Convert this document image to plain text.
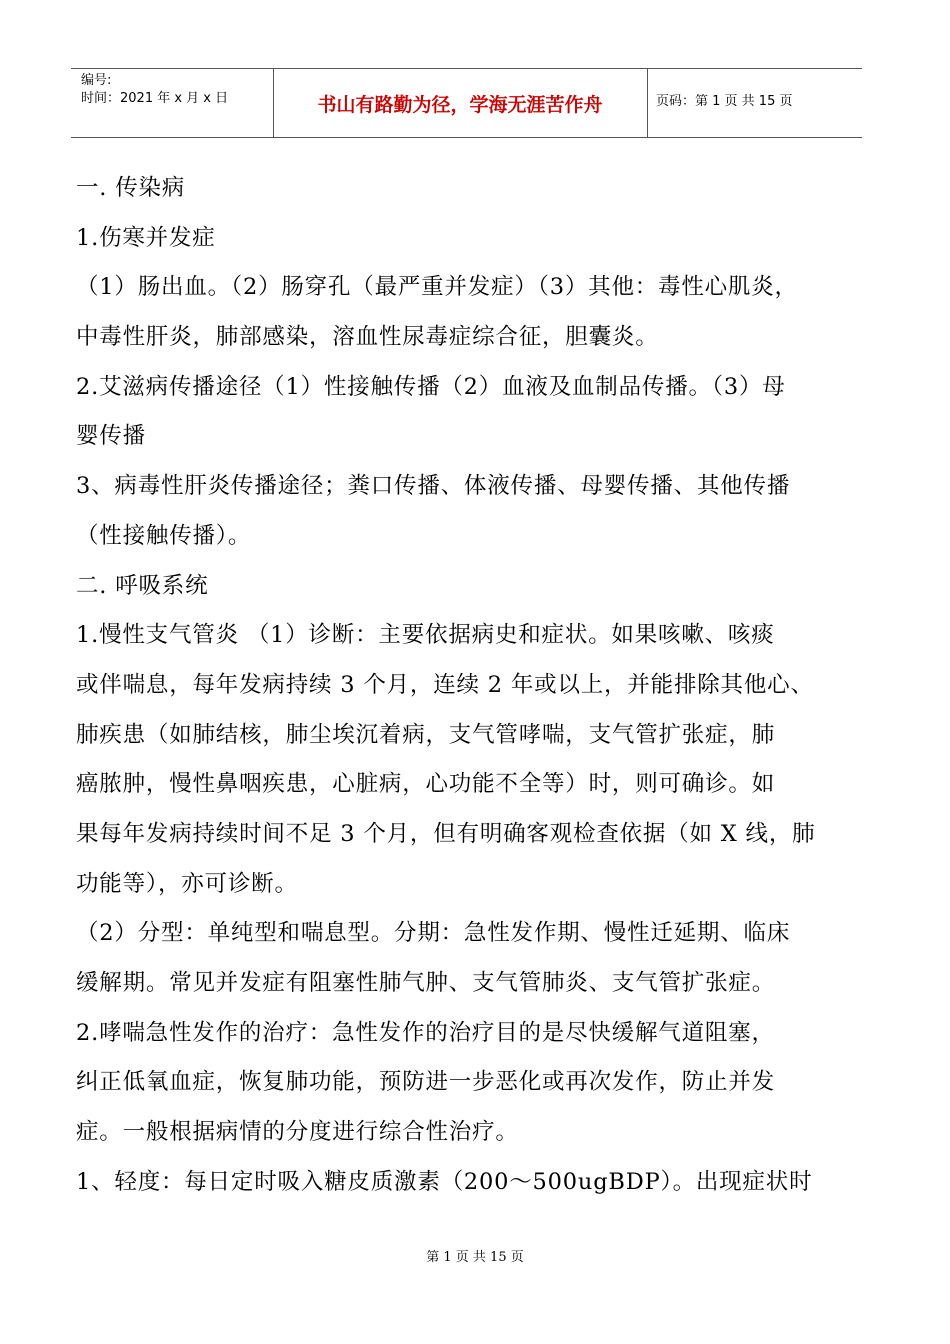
编号:
时间：2021 年 x 月 x 日	书山有路勤为径，学海无涯苦作舟	页码：第 1 页 共 15 页
一. 传染病
1.伤寒并发症
（1）肠出血。（2）肠穿孔（最严重并发症）（3）其他：毒性心肌炎，
中毒性肝炎，肺部感染，溶血性尿毒症综合征，胆囊炎。
2.艾滋病传播途径（1）性接触传播（2）血液及血制品传播。（3）母
婴传播
3、病毒性肝炎传播途径；粪口传播、体液传播、母婴传播、其他传播
（性接触传播）。
二. 呼吸系统
1.慢性支气管炎 （1）诊断：主要依据病史和症状。如果咳嗽、咳痰
或伴喘息，每年发病持续 3 个月，连续 2 年或以上，并能排除其他心、
肺疾患（如肺结核，肺尘埃沉着病，支气管哮喘，支气管扩张症，肺
癌脓肿，慢性鼻咽疾患，心脏病，心功能不全等）时，则可确诊。如
果每年发病持续时间不足 3 个月，但有明确客观检查依据（如 X 线，肺
功能等），亦可诊断。
（2）分型：单纯型和喘息型。分期：急性发作期、慢性迁延期、临床
缓解期。常见并发症有阻塞性肺气肿、支气管肺炎、支气管扩张症。
2.哮喘急性发作的治疗：急性发作的治疗目的是尽快缓解气道阻塞，
纠正低氧血症，恢复肺功能，预防进一步恶化或再次发作，防止并发
症。一般根据病情的分度进行综合性治疗。
1、轻度：每日定时吸入糖皮质激素（200～500ugBDP）。出现症状时
第 1 页 共 15 页
